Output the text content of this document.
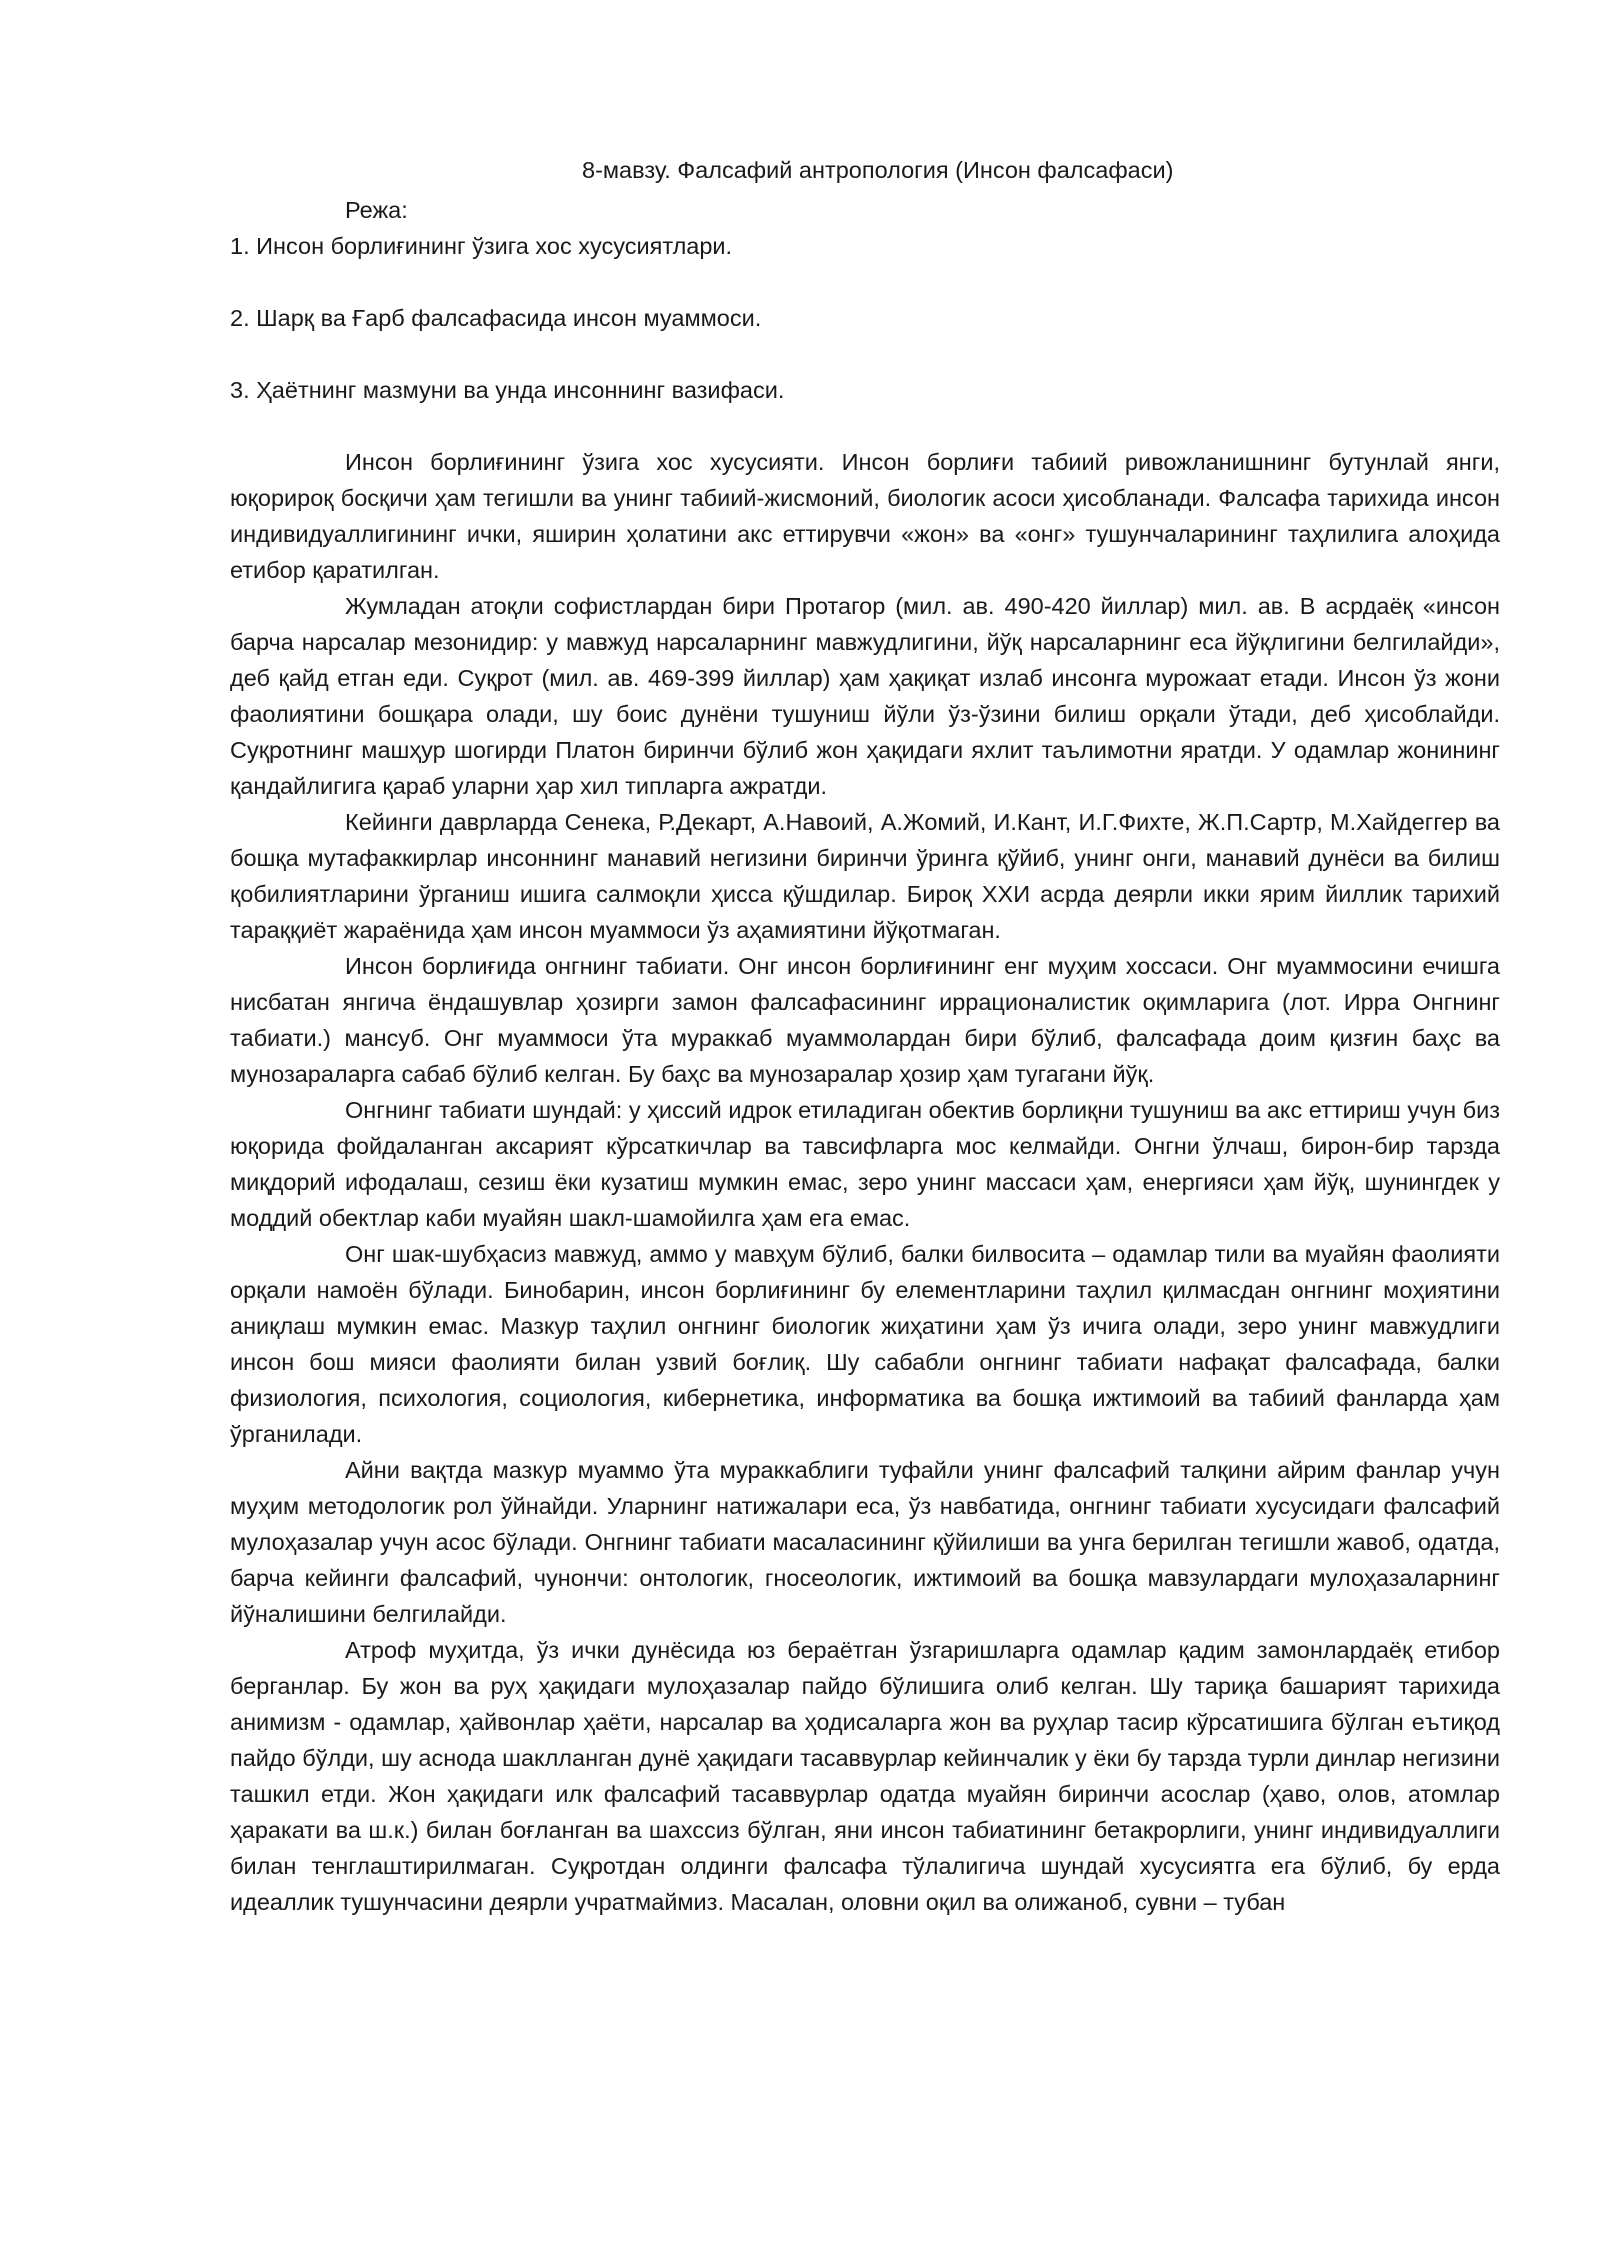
8-мавзу. Фалсафий антропология (Инсон фалсафаси)
Режа:
1. Инсон борлиғининг ўзига хос хусусиятлари.
2. Шарқ ва Ғарб фалсафасида инсон муаммоси.
3. Ҳаётнинг мазмуни ва унда инсоннинг вазифаси.

Инсон борлиғининг ўзига хос хусусияти. Инсон борлиғи табиий ривожланишнинг бутунлай янги, юқорироқ босқичи ҳам тегишли ва унинг табиий-жисмоний, биологик асоси ҳисобланади. Фалсафа тарихида инсон индивидуаллигининг ички, яширин ҳолатини акс еттирувчи «жон» ва «онг» тушунчаларининг таҳлилига алоҳида етибор қаратилган.

Жумладан атоқли софистлардан бири Протагор (мил. ав. 490-420 йиллар) мил. ав. В асрдаёқ «инсон барча нарсалар мезонидир: у мавжуд нарсаларнинг мавжудлигини, йўқ нарсаларнинг еса йўқлигини белгилайди», деб қайд етган еди. Суқрот (мил. ав. 469-399 йиллар) ҳам ҳақиқат излаб инсонга мурожаат етади. Инсон ўз жони фаолиятини бошқара олади, шу боис дунёни тушуниш йўли ўз-ўзини билиш орқали ўтади, деб ҳисоблайди. Суқротнинг машҳур шогирди Платон биринчи бўлиб жон ҳақидаги яхлит таълимотни яратди. У одамлар жонининг қандайлигига қараб уларни ҳар хил типларга ажратди.

Кейинги даврларда Сенека, Р.Декарт, А.Навоий, А.Жомий, И.Кант, И.Г.Фихте, Ж.П.Сартр, М.Хайдеггер ва бошқа мутафаккирлар инсоннинг манавий негизини биринчи ўринга қўйиб, унинг онги, манавий дунёси ва билиш қобилиятларини ўрганиш ишига салмоқли ҳисса қўшдилар. Бироқ ХХИ асрда деярли икки ярим йиллик тарихий тараққиёт жараёнида ҳам инсон муаммоси ўз аҳамиятини йўқотмаган.

Инсон борлиғида онгнинг табиати. Онг инсон борлиғининг енг муҳим хоссаси. Онг муаммосини ечишга нисбатан янгича ёндашувлар ҳозирги замон фалсафасининг иррационалистик оқимларига (лот. Ирра Онгнинг табиати.) мансуб. Онг муаммоси ўта мураккаб муаммолардан бири бўлиб, фалсафада доим қизғин баҳс ва мунозараларга сабаб бўлиб келган. Бу баҳс ва мунозаралар ҳозир ҳам тугагани йўқ.

Онгнинг табиати шундай: у ҳиссий идрок етиладиган обектив борлиқни тушуниш ва акс еттириш учун биз юқорида фойдаланган аксарият кўрсаткичлар ва тавсифларга мос келмайди. Онгни ўлчаш, бирон-бир тарзда миқдорий ифодалаш, сезиш ёки кузатиш мумкин емас, зеро унинг массаси ҳам, енергияси ҳам йўқ, шунингдек у моддий обектлар каби муайян шакл-шамойилга ҳам ега емас.

Онг шак-шубҳасиз мавжуд, аммо у мавҳум бўлиб, балки билвосита – одамлар тили ва муайян фаолияти орқали намоён бўлади. Бинобарин, инсон борлиғининг бу елементларини таҳлил қилмасдан онгнинг моҳиятини аниқлаш мумкин емас. Мазкур таҳлил онгнинг биологик жиҳатини ҳам ўз ичига олади, зеро унинг мавжудлиги инсон бош мияси фаолияти билан узвий боғлиқ. Шу сабабли онгнинг табиати нафақат фалсафада, балки физиология, психология, социология, кибернетика, информатика ва бошқа ижтимоий ва табиий фанларда ҳам ўрганилади.

Айни вақтда мазкур муаммо ўта мураккаблиги туфайли унинг фалсафий талқини айрим фанлар учун муҳим методологик рол ўйнайди. Уларнинг натижалари еса, ўз навбатида, онгнинг табиати хусусидаги фалсафий мулоҳазалар учун асос бўлади. Онгнинг табиати масаласининг қўйилиши ва унга берилган тегишли жавоб, одатда, барча кейинги фалсафий, чунончи: онтологик, гносеологик, ижтимоий ва бошқа мавзулардаги мулоҳазаларнинг йўналишини белгилайди.

Атроф муҳитда, ўз ички дунёсида юз бераётган ўзгаришларга одамлар қадим замонлардаёқ етибор берганлар. Бу жон ва руҳ ҳақидаги мулоҳазалар пайдо бўлишига олиб келган. Шу тариқа башарият тарихида анимизм - одамлар, ҳайвонлар ҳаёти, нарсалар ва ҳодисаларга жон ва руҳлар тасир кўрсатишига бўлган еътиқод пайдо бўлди, шу аснода шаклланган дунё ҳақидаги тасаввурлар кейинчалик у ёки бу тарзда турли динлар негизини ташкил етди. Жон ҳақидаги илк фалсафий тасаввурлар одатда муайян биринчи асослар (ҳаво, олов, атомлар ҳаракати ва ш.к.) билан боғланган ва шахссиз бўлган, яни инсон табиатининг бетакрорлиги, унинг индивидуаллиги билан тенглаштирилмаган. Суқротдан олдинги фалсафа тўлалигича шундай хусусиятга ега бўлиб, бу ерда идеаллик тушунчасини деярли учратмаймиз. Масалан, оловни оқил ва олижаноб, сувни – тубан
